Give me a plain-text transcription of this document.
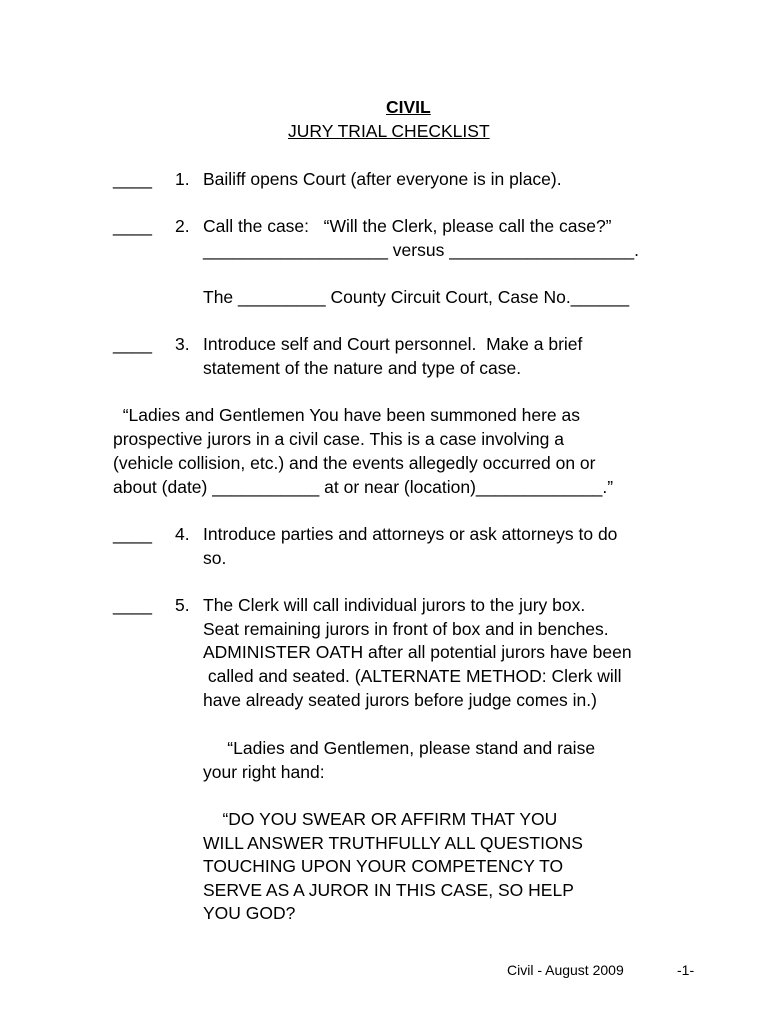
CIVIL
JURY TRIAL CHECKLIST
____ 1. Bailiff opens Court (after everyone is in place).
____ 2. Call the case:   “Will the Clerk, please call the case?”
___________________ versus ___________________.
The _________ County Circuit Court, Case No.______
____ 3. Introduce self and Court personnel.  Make a brief
statement of the nature and type of case.
“Ladies and Gentlemen You have been summoned here as
prospective jurors in a civil case. This is a case involving a
(vehicle collision, etc.) and the events allegedly occurred on or
about (date) ___________ at or near (location)_____________.”
____ 4. Introduce parties and attorneys or ask attorneys to do
so.
____ 5. The Clerk will call individual jurors to the jury box.
Seat remaining jurors in front of box and in benches.
ADMINISTER OATH after all potential jurors have been
called and seated. (ALTERNATE METHOD: Clerk will
have already seated jurors before judge comes in.)
“Ladies and Gentlemen, please stand and raise
your right hand:
“DO YOU SWEAR OR AFFIRM THAT YOU
WILL ANSWER TRUTHFULLY ALL QUESTIONS
TOUCHING UPON YOUR COMPETENCY TO
SERVE AS A JUROR IN THIS CASE, SO HELP
YOU GOD?
Civil - August 2009	-1-
